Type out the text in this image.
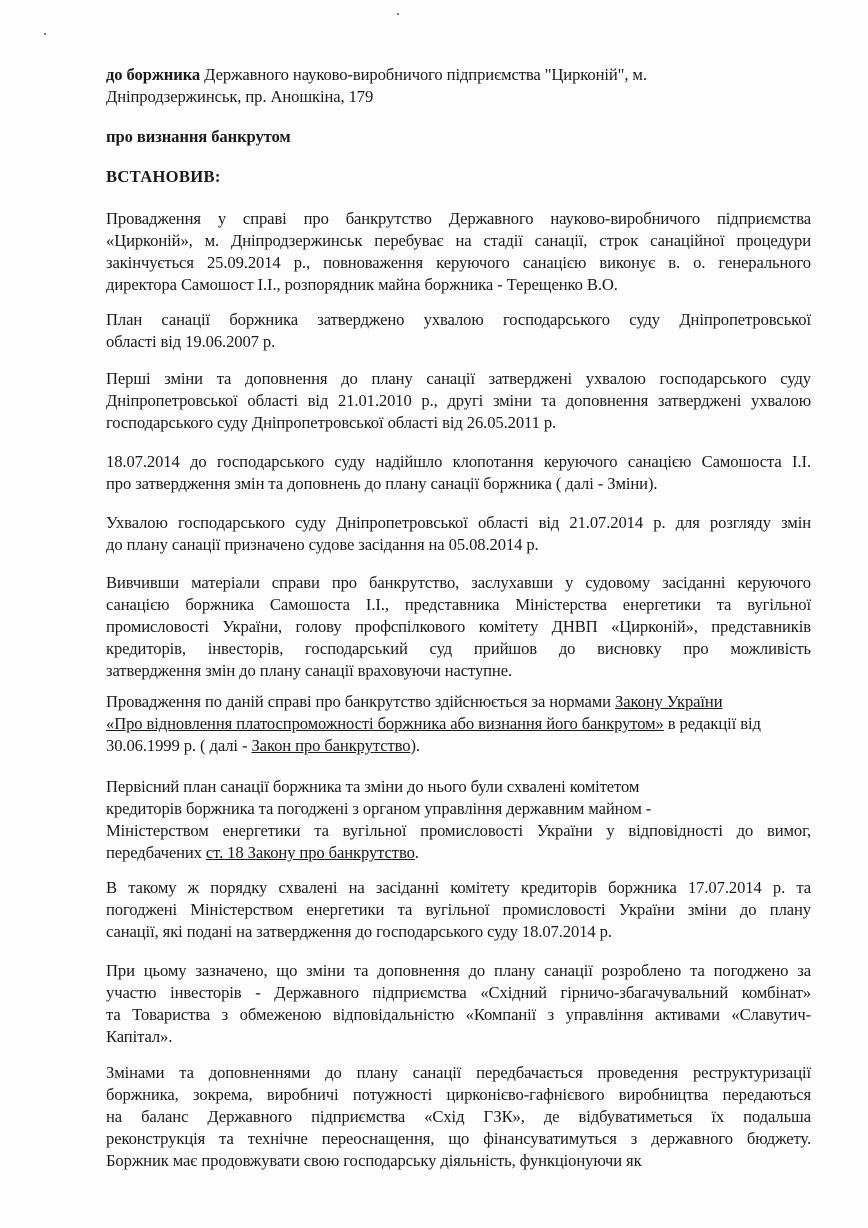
до боржника Державного науково-виробничого підприємства "Цирконій", м.
Дніпродзержинськ, пр. Аношкіна, 179
про визнання банкрутом
ВСТАНОВИВ:
Провадження у справі про банкрутство Державного науково-виробничого підприємства
«Цирконій», м. Дніпродзержинськ перебуває на стадії санації, строк санаційної процедури
закінчується 25.09.2014 р., повноваження керуючого санацією виконує в. о. генерального
директора Самошост І.І., розпорядник майна боржника - Терещенко В.О.
План санації боржника затверджено ухвалою господарського суду Дніпропетровської
області від 19.06.2007 р.
Перші зміни та доповнення до плану санації затверджені ухвалою господарського суду
Дніпропетровської області від 21.01.2010 р., другі зміни та доповнення затверджені ухвалою
господарського суду Дніпропетровської області від 26.05.2011 р.
18.07.2014 до господарського суду надійшло клопотання керуючого санацією Самошоста І.І.
про затвердження змін та доповнень до плану санації боржника ( далі - Зміни).
Ухвалою господарського суду Дніпропетровської області від 21.07.2014 р. для розгляду змін
до плану санації призначено судове засідання на 05.08.2014 р.
Вивчивши матеріали справи про банкрутство, заслухавши у судовому засіданні керуючого
санацією боржника Самошоста І.І., представника Міністерства енергетики та вугільної
промисловості України, голову профспілкового комітету ДНВП «Цирконій», представників
кредиторів, інвесторів, господарський суд прийшов до висновку про можливість
затвердження змін до плану санації враховуючи наступне.
Провадження по даній справі про банкрутство здійснюється за нормами Закону України
«Про відновлення платоспроможності боржника або визнання його банкрутом» в редакції від
30.06.1999 р. ( далі - Закон про банкрутство).
Первісний план санації боржника та зміни до нього були схвалені комітетом
кредиторів боржника та погоджені з органом управління державним майном -
Міністерством енергетики та вугільної промисловості України у відповідності до вимог,
передбачених ст. 18 Закону про банкрутство.
В такому ж порядку схвалені на засіданні комітету кредиторів боржника 17.07.2014 р. та
погоджені Міністерством енергетики та вугільної промисловості України зміни до плану
санації, які подані на затвердження до господарського суду 18.07.2014 р.
При цьому зазначено, що зміни та доповнення до плану санації розроблено та погоджено за
участю інвесторів - Державного підприємства «Східний гірничо-збагачувальний комбінат»
та Товариства з обмеженою відповідальністю «Компанії з управління активами «Славутич-
Капітал».
Змінами та доповненнями до плану санації передбачається проведення реструктуризації
боржника, зокрема, виробничі потужності цирконієво-гафнієвого виробництва передаються
на баланс Державного підприємства «Схід ГЗК», де відбуватиметься їх подальша
реконструкція та технічне переоснащення, що фінансуватимуться з державного бюджету.
Боржник має продовжувати свою господарську діяльність, функціонуючи як
